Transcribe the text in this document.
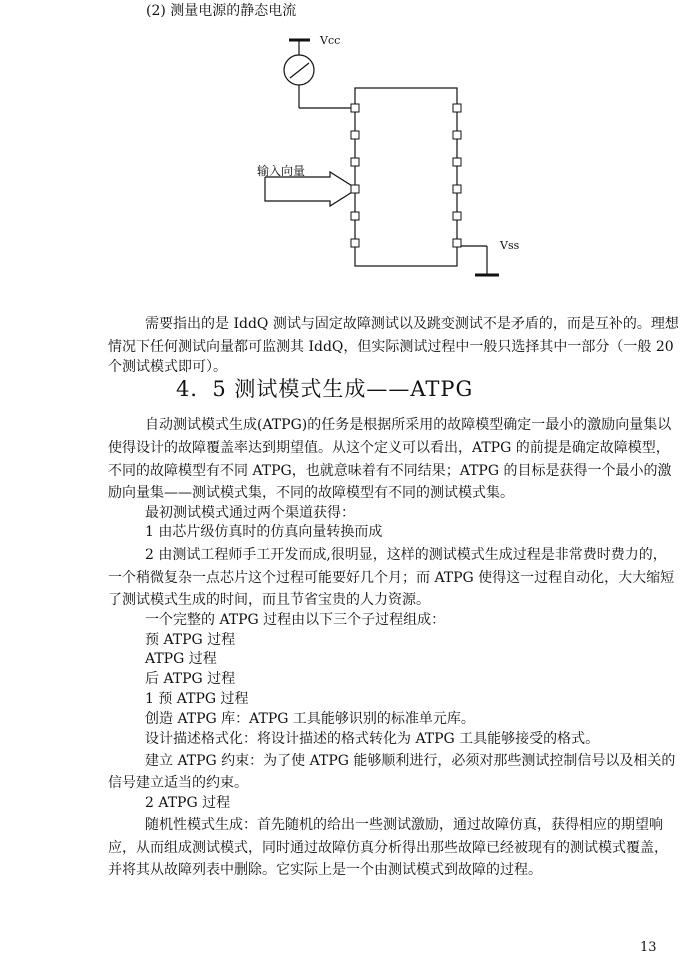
Vcc
输入向量
Vss
(2) 测量电源的静态电流
需要指出的是 IddQ 测试与固定故障测试以及跳变测试不是矛盾的，而是互补的。理想
情况下任何测试向量都可监测其 IddQ，但实际测试过程中一般只选择其中一部分（一般 20
个测试模式即可）。
4．5 测试模式生成——ATPG
自动测试模式生成(ATPG)的任务是根据所采用的故障模型确定一最小的激励向量集以
使得设计的故障覆盖率达到期望值。从这个定义可以看出，ATPG 的前提是确定故障模型，
不同的故障模型有不同 ATPG，也就意味着有不同结果；ATPG 的目标是获得一个最小的激
励向量集——测试模式集，不同的故障模型有不同的测试模式集。
最初测试模式通过两个渠道获得：
1 由芯片级仿真时的仿真向量转换而成
2 由测试工程师手工开发而成,很明显，这样的测试模式生成过程是非常费时费力的，
一个稍微复杂一点芯片这个过程可能要好几个月；而 ATPG 使得这一过程自动化，大大缩短
了测试模式生成的时间，而且节省宝贵的人力资源。
一个完整的 ATPG 过程由以下三个子过程组成：
预 ATPG 过程
ATPG 过程
后 ATPG 过程
1 预 ATPG 过程
创造 ATPG 库：ATPG 工具能够识别的标准单元库。
设计描述格式化：将设计描述的格式转化为 ATPG 工具能够接受的格式。
建立 ATPG 约束：为了使 ATPG 能够顺利进行，必须对那些测试控制信号以及相关的
信号建立适当的约束。
2 ATPG 过程
随机性模式生成：首先随机的给出一些测试激励，通过故障仿真，获得相应的期望响
应，从而组成测试模式，同时通过故障仿真分析得出那些故障已经被现有的测试模式覆盖，
并将其从故障列表中删除。它实际上是一个由测试模式到故障的过程。
13
